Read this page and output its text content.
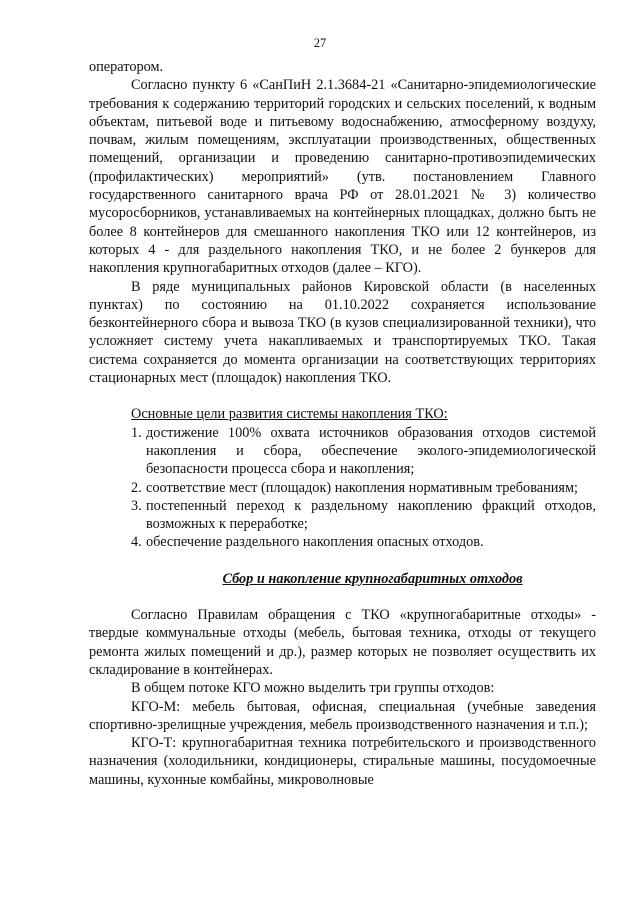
27

оператором.

Согласно пункту 6 «СанПиН 2.1.3684-21 «Санитарно-эпидемиологические требования к содержанию территорий городских и сельских поселений, к водным объектам, питьевой воде и питьевому водоснабжению, атмосферному воздуху, почвам, жилым помещениям, эксплуатации производственных, общественных помещений, организации и проведению санитарно-противоэпидемических (профилактических) мероприятий» (утв. постановлением Главного государственного санитарного врача РФ от 28.01.2021 № 3) количество мусоросборников, устанавливаемых на контейнерных площадках, должно быть не более 8 контейнеров для смешанного накопления ТКО или 12 контейнеров, из которых 4 - для раздельного накопления ТКО, и не более 2 бункеров для накопления крупногабаритных отходов (далее – КГО).

В ряде муниципальных районов Кировской области (в населенных пунктах) по состоянию на 01.10.2022 сохраняется использование безконтейнерного сбора и вывоза ТКО (в кузов специализированной техники), что усложняет систему учета накапливаемых и транспортируемых ТКО. Такая система сохраняется до момента организации на соответствующих территориях стационарных мест (площадок) накопления ТКО.

Основные цели развития системы накопления ТКО:

1. достижение 100% охвата источников образования отходов системой накопления и сбора, обеспечение эколого-эпидемиологической безопасности процесса сбора и накопления;
2. соответствие мест (площадок) накопления нормативным требованиям;
3. постепенный переход к раздельному накоплению фракций отходов, возможных к переработке;
4. обеспечение раздельного накопления опасных отходов.

Сбор и накопление крупногабаритных отходов

Согласно Правилам обращения с ТКО «крупногабаритные отходы» - твердые коммунальные отходы (мебель, бытовая техника, отходы от текущего ремонта жилых помещений и др.), размер которых не позволяет осуществить их складирование в контейнерах.

В общем потоке КГО можно выделить три группы отходов:

КГО-М: мебель бытовая, офисная, специальная (учебные заведения спортивно-зрелищные учреждения, мебель производственного назначения и т.п.);

КГО-Т: крупногабаритная техника потребительского и производственного назначения (холодильники, кондиционеры, стиральные машины, посудомоечные машины, кухонные комбайны, микроволновые
